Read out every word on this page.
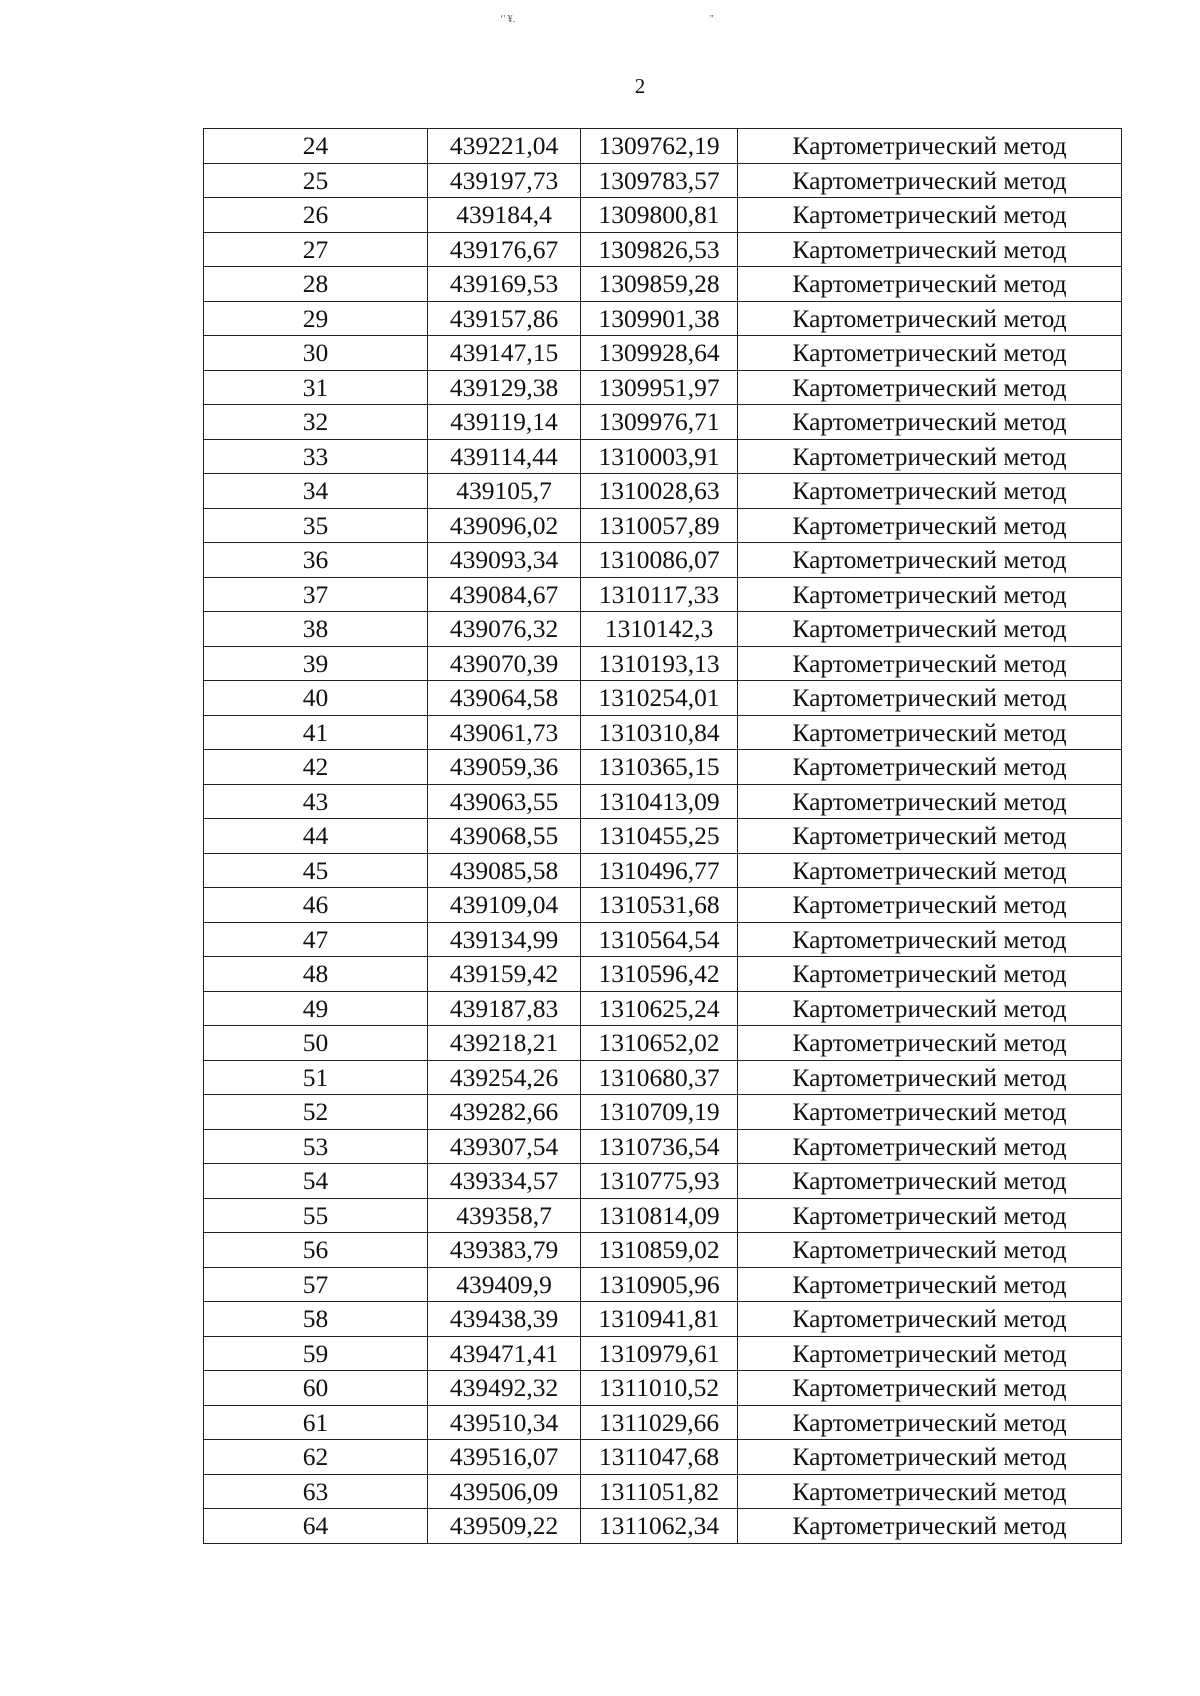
‘' ¥.	''
2
24	439221,04	1309762,19	Картометрический метод
25	439197,73	1309783,57	Картометрический метод
26	439184,4	1309800,81	Картометрический метод
27	439176,67	1309826,53	Картометрический метод
28	439169,53	1309859,28	Картометрический метод
29	439157,86	1309901,38	Картометрический метод
30	439147,15	1309928,64	Картометрический метод
31	439129,38	1309951,97	Картометрический метод
32	439119,14	1309976,71	Картометрический метод
33	439114,44	1310003,91	Картометрический метод
34	439105,7	1310028,63	Картометрический метод
35	439096,02	1310057,89	Картометрический метод
36	439093,34	1310086,07	Картометрический метод
37	439084,67	1310117,33	Картометрический метод
38	439076,32	1310142,3	Картометрический метод
39	439070,39	1310193,13	Картометрический метод
40	439064,58	1310254,01	Картометрический метод
41	439061,73	1310310,84	Картометрический метод
42	439059,36	1310365,15	Картометрический метод
43	439063,55	1310413,09	Картометрический метод
44	439068,55	1310455,25	Картометрический метод
45	439085,58	1310496,77	Картометрический метод
46	439109,04	1310531,68	Картометрический метод
47	439134,99	1310564,54	Картометрический метод
48	439159,42	1310596,42	Картометрический метод
49	439187,83	1310625,24	Картометрический метод
50	439218,21	1310652,02	Картометрический метод
51	439254,26	1310680,37	Картометрический метод
52	439282,66	1310709,19	Картометрический метод
53	439307,54	1310736,54	Картометрический метод
54	439334,57	1310775,93	Картометрический метод
55	439358,7	1310814,09	Картометрический метод
56	439383,79	1310859,02	Картометрический метод
57	439409,9	1310905,96	Картометрический метод
58	439438,39	1310941,81	Картометрический метод
59	439471,41	1310979,61	Картометрический метод
60	439492,32	1311010,52	Картометрический метод
61	439510,34	1311029,66	Картометрический метод
62	439516,07	1311047,68	Картометрический метод
63	439506,09	1311051,82	Картометрический метод
64	439509,22	1311062,34	Картометрический метод
